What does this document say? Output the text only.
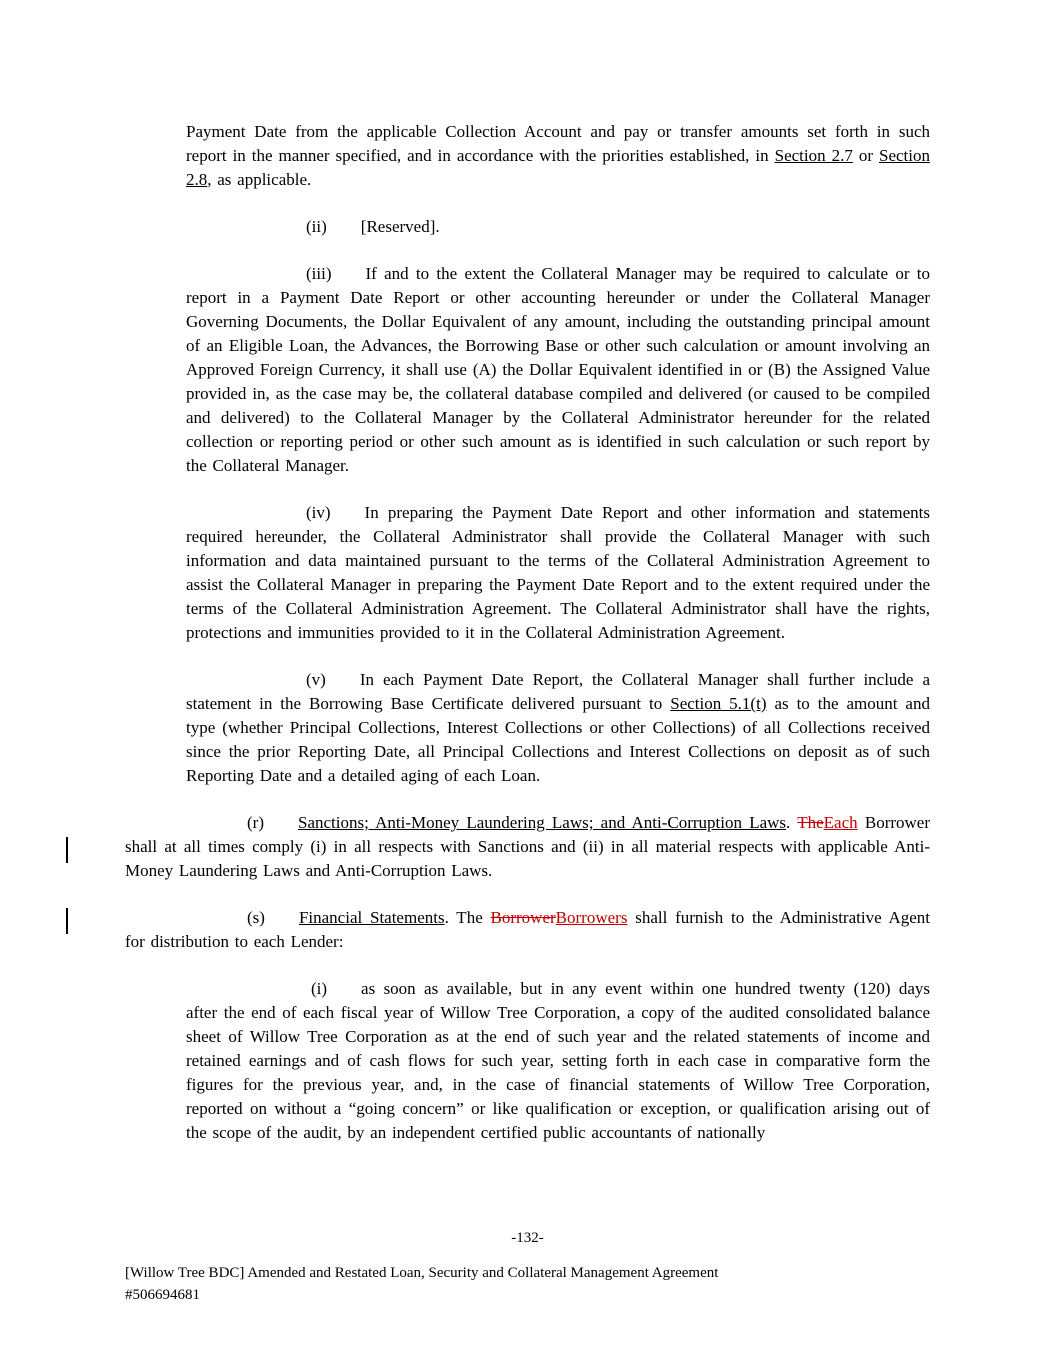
Payment Date from the applicable Collection Account and pay or transfer amounts set forth in such report in the manner specified, and in accordance with the priorities established, in Section 2.7 or Section 2.8, as applicable.

(ii) [Reserved].

(iii) If and to the extent the Collateral Manager may be required to calculate or to report in a Payment Date Report or other accounting hereunder or under the Collateral Manager Governing Documents, the Dollar Equivalent of any amount, including the outstanding principal amount of an Eligible Loan, the Advances, the Borrowing Base or other such calculation or amount involving an Approved Foreign Currency, it shall use (A) the Dollar Equivalent identified in or (B) the Assigned Value provided in, as the case may be, the collateral database compiled and delivered (or caused to be compiled and delivered) to the Collateral Manager by the Collateral Administrator hereunder for the related collection or reporting period or other such amount as is identified in such calculation or such report by the Collateral Manager.

(iv) In preparing the Payment Date Report and other information and statements required hereunder, the Collateral Administrator shall provide the Collateral Manager with such information and data maintained pursuant to the terms of the Collateral Administration Agreement to assist the Collateral Manager in preparing the Payment Date Report and to the extent required under the terms of the Collateral Administration Agreement. The Collateral Administrator shall have the rights, protections and immunities provided to it in the Collateral Administration Agreement.

(v) In each Payment Date Report, the Collateral Manager shall further include a statement in the Borrowing Base Certificate delivered pursuant to Section 5.1(t) as to the amount and type (whether Principal Collections, Interest Collections or other Collections) of all Collections received since the prior Reporting Date, all Principal Collections and Interest Collections on deposit as of such Reporting Date and a detailed aging of each Loan.

(r) Sanctions; Anti-Money Laundering Laws; and Anti-Corruption Laws. TheEach Borrower shall at all times comply (i) in all respects with Sanctions and (ii) in all material respects with applicable Anti-Money Laundering Laws and Anti-Corruption Laws.

(s) Financial Statements. The BorrowerBorrowers shall furnish to the Administrative Agent for distribution to each Lender:

(i) as soon as available, but in any event within one hundred twenty (120) days after the end of each fiscal year of Willow Tree Corporation, a copy of the audited consolidated balance sheet of Willow Tree Corporation as at the end of such year and the related statements of income and retained earnings and of cash flows for such year, setting forth in each case in comparative form the figures for the previous year, and, in the case of financial statements of Willow Tree Corporation, reported on without a “going concern” or like qualification or exception, or qualification arising out of the scope of the audit, by an independent certified public accountants of nationally

-132-
[Willow Tree BDC] Amended and Restated Loan, Security and Collateral Management Agreement
#506694681
